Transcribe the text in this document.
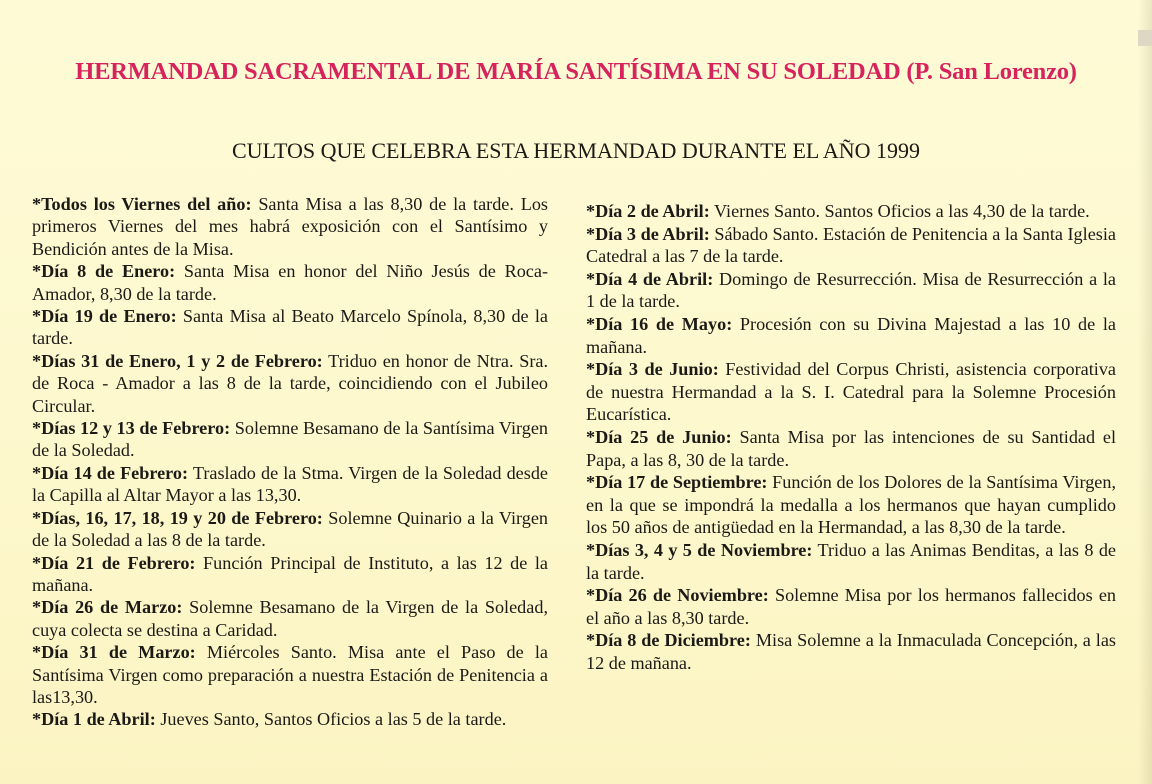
HERMANDAD SACRAMENTAL DE MARÍA SANTÍSIMA EN SU SOLEDAD (P. San Lorenzo)
CULTOS QUE CELEBRA ESTA HERMANDAD DURANTE EL AÑO 1999

*Todos los Viernes del año: Santa Misa a las 8,30 de la tarde. Los primeros Viernes del mes habrá exposición con el Santísimo y Bendición antes de la Misa.

*Día 8 de Enero: Santa Misa en honor del Niño Jesús de Roca-Amador, 8,30 de la tarde.

*Día 19 de Enero: Santa Misa al Beato Marcelo Spínola, 8,30 de la tarde.

*Días 31 de Enero, 1 y 2 de Febrero: Triduo en honor de Ntra. Sra. de Roca - Amador a las 8 de la tarde, coincidiendo con el Jubileo Circular.

*Días 12 y 13 de Febrero: Solemne Besamano de la Santísima Virgen de la Soledad.

*Día 14 de Febrero: Traslado de la Stma. Virgen de la Soledad desde la Capilla al Altar Mayor a las 13,30.

*Días, 16, 17, 18, 19 y 20 de Febrero: Solemne Quinario a la Virgen de la Soledad a las 8 de la tarde.

*Día 21 de Febrero: Función Principal de Instituto, a las 12 de la mañana.

*Día 26 de Marzo: Solemne Besamano de la Virgen de la Soledad, cuya colecta se destina a Caridad.

*Día 31 de Marzo: Miércoles Santo. Misa ante el Paso de la Santísima Virgen como preparación a nuestra Estación de Penitencia a las13,30.

*Día 1 de Abril: Jueves Santo, Santos Oficios a las 5 de la tarde.

*Día 2 de Abril: Viernes Santo. Santos Oficios a las 4,30 de la tarde.

*Día 3 de Abril: Sábado Santo. Estación de Penitencia a la Santa Iglesia Catedral a las 7 de la tarde.

*Día 4 de Abril: Domingo de Resurrección. Misa de Resurrección a la 1 de la tarde.

*Día 16 de Mayo: Procesión con su Divina Majestad a las 10 de la mañana.

*Día 3 de Junio: Festividad del Corpus Christi, asistencia corporativa de nuestra Hermandad a la S. I. Catedral para la Solemne Procesión Eucarística.

*Día 25 de Junio: Santa Misa por las intenciones de su Santidad el Papa, a las 8, 30 de la tarde.

*Día 17 de Septiembre: Función de los Dolores de la Santísima Virgen, en la que se impondrá la medalla a los hermanos que hayan cumplido los 50 años de antigüedad en la Hermandad, a las 8,30 de la tarde.

*Días 3, 4 y 5 de Noviembre: Triduo a las Animas Benditas, a las 8 de la tarde.

*Día 26 de Noviembre: Solemne Misa por los hermanos fallecidos en el año a las 8,30 tarde.

*Día 8 de Diciembre: Misa Solemne a la Inmaculada Concepción, a las 12 de mañana.
